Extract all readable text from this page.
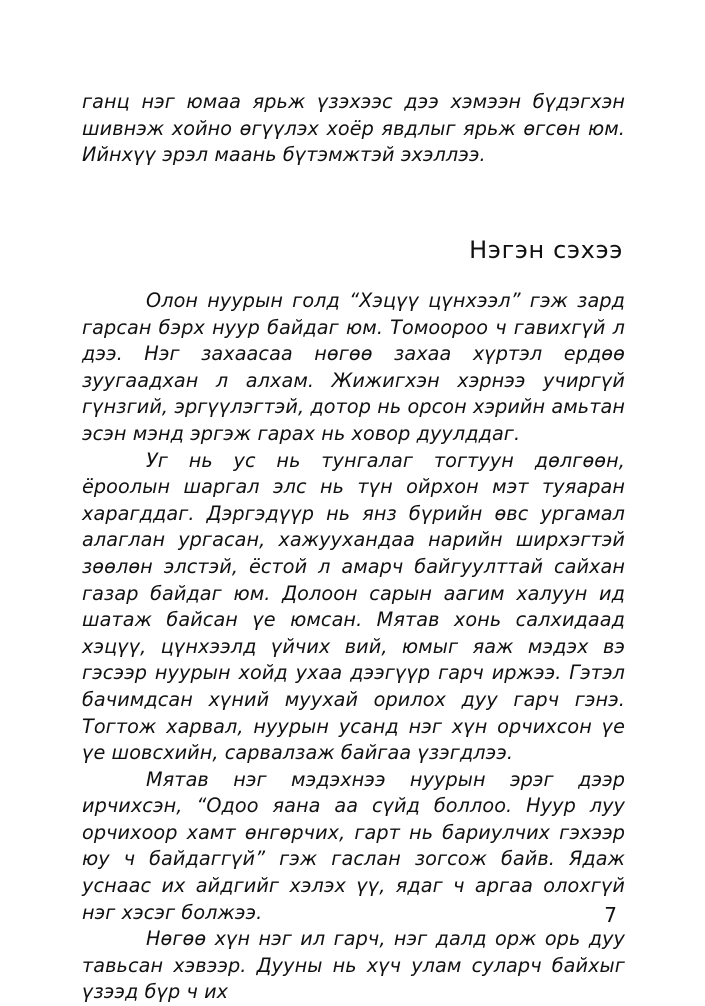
ганц нэг юмаа ярьж үзэхээс дээ хэмээн бүдэгхэн шивнэж хойно өгүүлэх хоёр явдлыг ярьж өгсөн юм. Ийнхүү эрэл маань бүтэмжтэй эхэллээ.

Нэгэн сэхээ

Олон нуурын голд “Хэцүү цүнхээл” гэж зард гарсан бэрх нуур байдаг юм. Томоороо ч гавихгүй л дээ. Нэг захаасаа нөгөө захаа хүртэл ердөө зуугаадхан л алхам. Жижигхэн хэрнээ учиргүй гүнзгий, эргүүлэгтэй, дотор нь орсон хэрийн амьтан эсэн мэнд эргэж гарах нь ховор дуулддаг.

Уг нь ус нь тунгалаг тогтуун дөлгөөн, ёроолын шаргал элс нь түн ойрхон мэт туяаран харагддаг. Дэргэдүүр нь янз бүрийн өвс ургамал алаглан ургасан, хажуухандаа нарийн ширхэгтэй зөөлөн элстэй, ёстой л амарч байгуулттай сайхан газар байдаг юм. Долоон сарын аагим халуун ид шатаж байсан үе юмсан. Мятав хонь салхидаад хэцүү, цүнхээлд үйчих вий, юмыг яаж мэдэх вэ гэсээр нуурын хойд ухаа дээгүүр гарч иржээ. Гэтэл бачимдсан хүний муухай орилох дуу гарч гэнэ. Тогтож харвал, нуурын усанд нэг хүн орчихсон үе үе шовсхийн, сарвалзаж байгаа үзэгдлээ.

Мятав нэг мэдэхнээ нуурын эрэг дээр ирчихсэн, “Одоо яана аа сүйд боллоо. Нуур луу орчихоор хамт өнгөрчих, гарт нь бариулчих гэхээр юу ч байдаггүй” гэж гаслан зогсож байв. Ядаж уснаас их айдгийг хэлэх үү, ядаг ч аргаа олохгүй нэг хэсэг болжээ.

Нөгөө хүн нэг ил гарч, нэг далд орж орь дуу тавьсан хэвээр. Дууны нь хүч улам суларч байхыг үзээд бүр ч их

7
